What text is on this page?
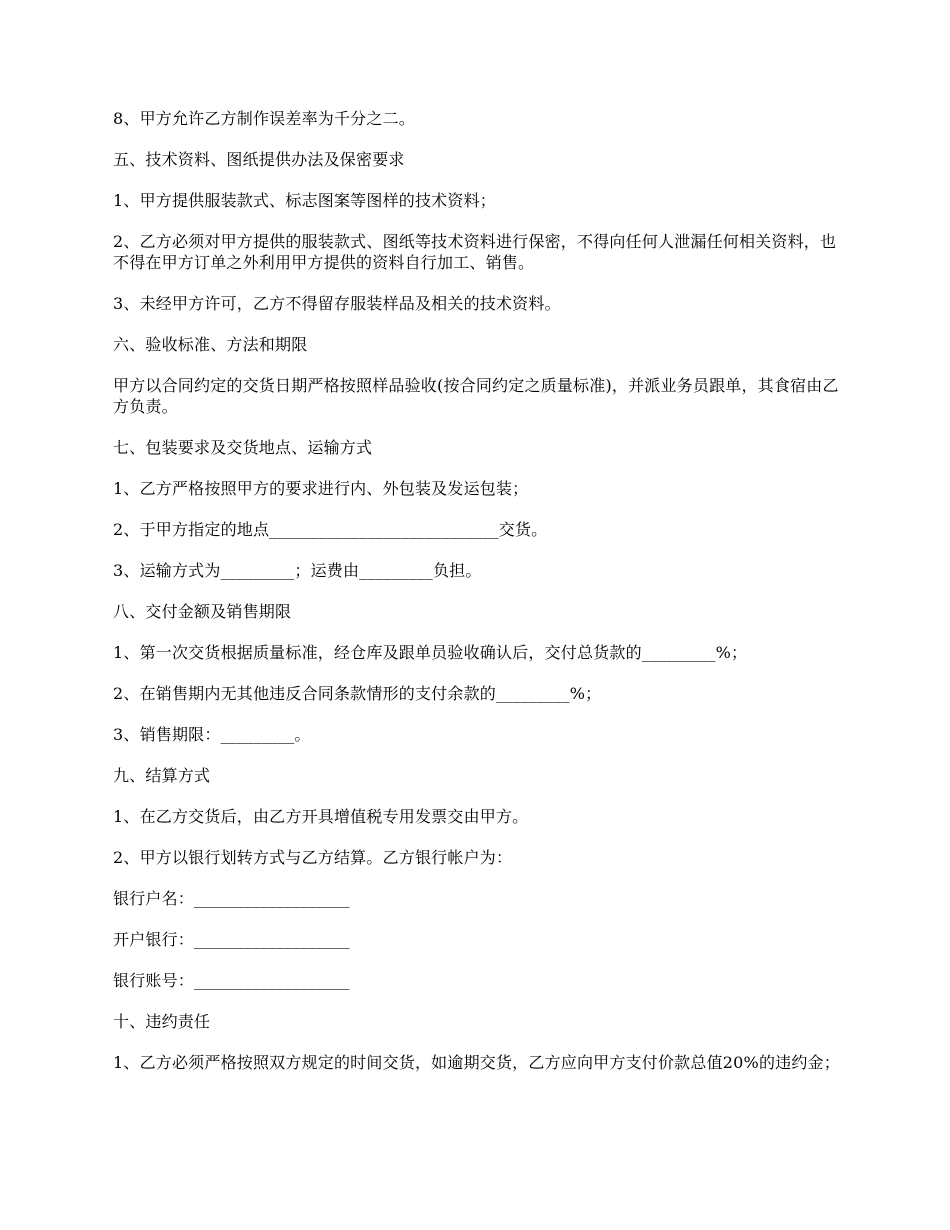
8、甲方允许乙方制作误差率为千分之二。

五、技术资料、图纸提供办法及保密要求

1、甲方提供服装款式、标志图案等图样的技术资料；

2、乙方必须对甲方提供的服装款式、图纸等技术资料进行保密，不得向任何人泄漏任何相关资料，也不得在甲方订单之外利用甲方提供的资料自行加工、销售。

3、未经甲方许可，乙方不得留存服装样品及相关的技术资料。

六、验收标准、方法和期限

甲方以合同约定的交货日期严格按照样品验收(按合同约定之质量标准)，并派业务员跟单，其食宿由乙方负责。

七、包装要求及交货地点、运输方式

1、乙方严格按照甲方的要求进行内、外包装及发运包装；

2、于甲方指定的地点____________________________交货。

3、运输方式为_________；运费由_________负担。

八、交付金额及销售期限

1、第一次交货根据质量标准，经仓库及跟单员验收确认后，交付总货款的_________%；

2、在销售期内无其他违反合同条款情形的支付余款的_________%；

3、销售期限：_________。

九、结算方式

1、在乙方交货后，由乙方开具增值税专用发票交由甲方。

2、甲方以银行划转方式与乙方结算。乙方银行帐户为：

银行户名：___________________

开户银行：___________________

银行账号：___________________

十、违约责任

1、乙方必须严格按照双方规定的时间交货，如逾期交货，乙方应向甲方支付价款总值20%的违约金；
